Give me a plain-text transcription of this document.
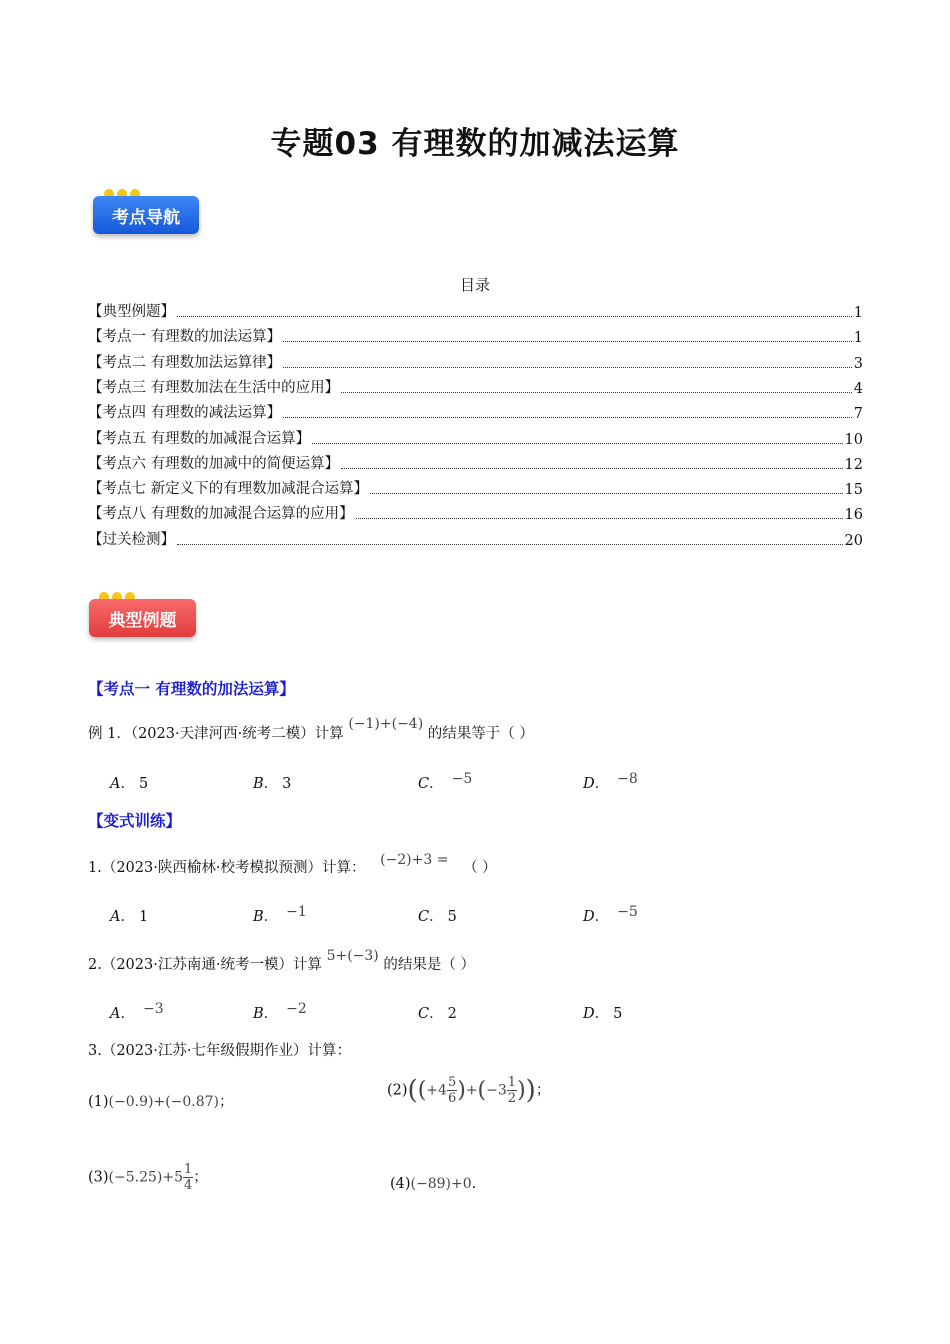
专题03 有理数的加减法运算
考点导航
目录
【典型例题】	1
【考点一 有理数的加法运算】	1
【考点二 有理数加法运算律】	3
【考点三 有理数加法在生活中的应用】	4
【考点四 有理数的减法运算】	7
【考点五 有理数的加减混合运算】	10
【考点六 有理数的加减中的简便运算】	12
【考点七 新定义下的有理数加减混合运算】	15
【考点八 有理数的加减混合运算的应用】	16
【过关检测】	20
典型例题
【考点一 有理数的加法运算】
例 1．（2023·天津河西·统考二模）计算 (−1)+(−4) 的结果等于（ ）
【变式训练】
1.（2023·陕西榆林·校考模拟预测）计算： (−2)+3 = （ ）
2.（2023·江苏南通·统考一模）计算 5+(−3) 的结果是（ ）
3.（2023·江苏·七年级假期作业）计算：
(1)(−0.9)+(−0.87)；
$(2)((+4 \frac{5}{6} )+(-3 \frac{1}{2}$ ))；
$(3)(-5.25)+5 \frac{1}{4}$ ；	(4)(−89)+0.
A． 5	B． 3	C． −5	D． −8
A． 1	B． −1	C． 5	D． −5
A． −3	B． −2	C． 2	D． 5
